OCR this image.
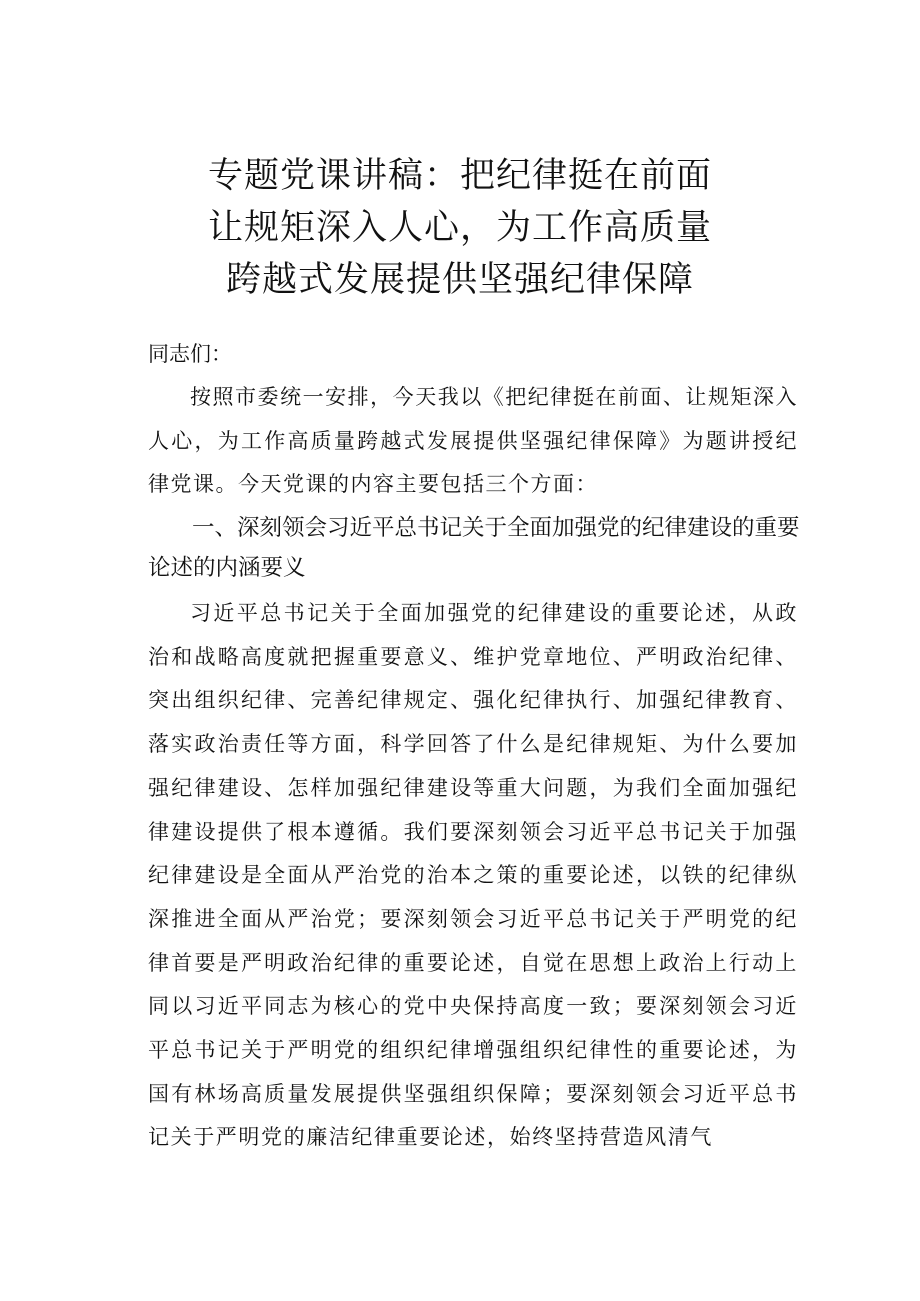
专题党课讲稿：把纪律挺在前面
让规矩深入人心，为工作高质量
跨越式发展提供坚强纪律保障
同志们：
按照市委统一安排，今天我以《把纪律挺在前面、让规矩深入人心，为工作高质量跨越式发展提供坚强纪律保障》为题讲授纪律党课。今天党课的内容主要包括三个方面：
一、深刻领会习近平总书记关于全面加强党的纪律建设的重要论述的内涵要义
习近平总书记关于全面加强党的纪律建设的重要论述，从政治和战略高度就把握重要意义、维护党章地位、严明政治纪律、突出组织纪律、完善纪律规定、强化纪律执行、加强纪律教育、落实政治责任等方面，科学回答了什么是纪律规矩、为什么要加强纪律建设、怎样加强纪律建设等重大问题，为我们全面加强纪律建设提供了根本遵循。我们要深刻领会习近平总书记关于加强纪律建设是全面从严治党的治本之策的重要论述，以铁的纪律纵深推进全面从严治党；要深刻领会习近平总书记关于严明党的纪律首要是严明政治纪律的重要论述，自觉在思想上政治上行动上同以习近平同志为核心的党中央保持高度一致；要深刻领会习近平总书记关于严明党的组织纪律增强组织纪律性的重要论述，为国有林场高质量发展提供坚强组织保障；要深刻领会习近平总书记关于严明党的廉洁纪律重要论述，始终坚持营造风清气
